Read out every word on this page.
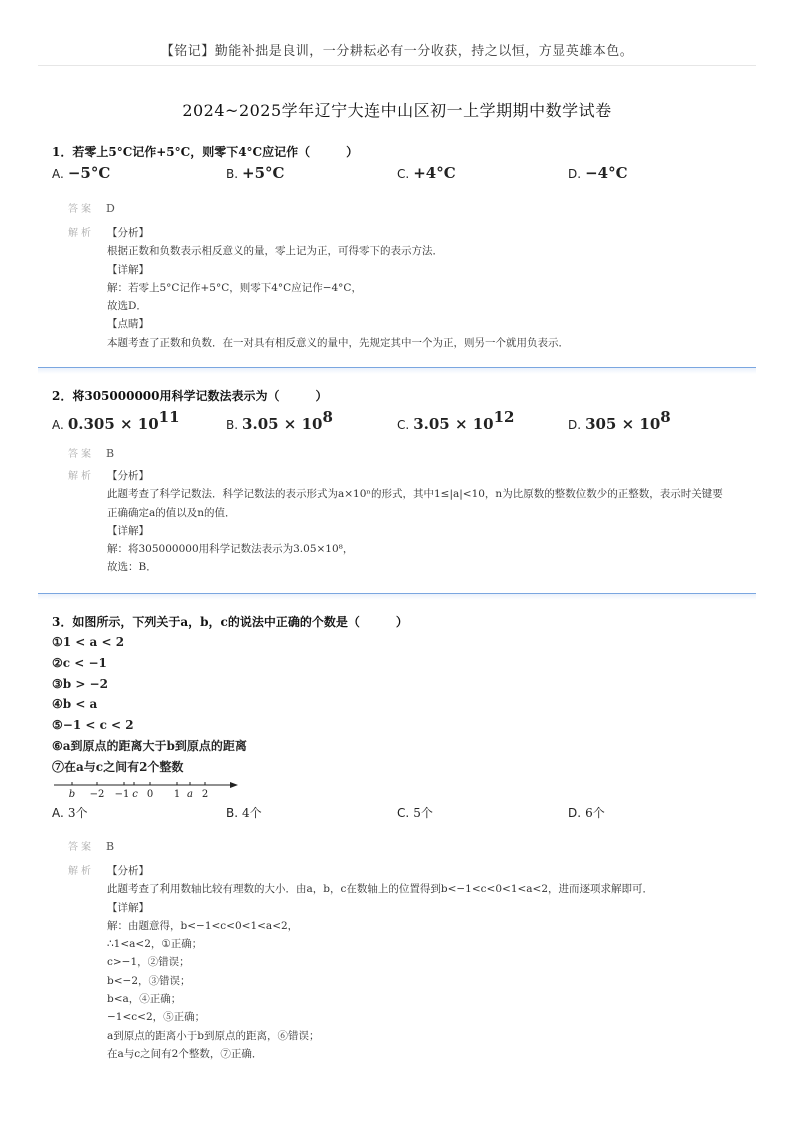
【铭记】勤能补拙是良训，一分耕耘必有一分收获，持之以恒，方显英雄本色。
2024~2025学年辽宁大连中山区初一上学期期中数学试卷
1．若零上5°C记作+5°C，则零下4°C应记作（　　　）
A. −5°C	B. +5°C	C. +4°C	D. −4°C
答案 D
解析	【分析】
根据正数和负数表示相反意义的量，零上记为正，可得零下的表示方法．
【详解】
解：若零上5°C记作+5°C，则零下4°C应记作−4°C，
故选D．
【点睛】
本题考查了正数和负数．在一对具有相反意义的量中，先规定其中一个为正，则另一个就用负表示．
2．将305000000用科学记数法表示为（　　　）
A. 0.305 × 1011	B. 3.05 × 108	C. 3.05 × 1012	D. 305 × 108
答案 B
解析	【分析】
此题考查了科学记数法．科学记数法的表示形式为a×10ⁿ的形式，其中1≤|a|<10，n为比原数的整数位数少的正整数，表示时关键要
正确确定a的值以及n的值．
【详解】
解：将305000000用科学记数法表示为3.05×10⁸，
故选：B．
3．如图所示，下列关于a，b，c的说法中正确的个数是（　　　）
①1 < a < 2
②c < −1
③b > −2
④b < a
⑤−1 < c < 2
⑥a到原点的距离大于b到原点的距离
⑦在a与c之间有2个整数
b −2 −1 c 0 1 a 2
A. 3个	B. 4个	C. 5个	D. 6个
答案 B
解析	【分析】
此题考查了利用数轴比较有理数的大小．由a，b，c在数轴上的位置得到b<−1<c<0<1<a<2，进而逐项求解即可．
【详解】
解：由题意得，b<−1<c<0<1<a<2，
∴1<a<2，①正确；
c>−1，②错误；
b<−2，③错误；
b<a，④正确；
−1<c<2，⑤正确；
a到原点的距离小于b到原点的距离，⑥错误；
在a与c之间有2个整数，⑦正确．
